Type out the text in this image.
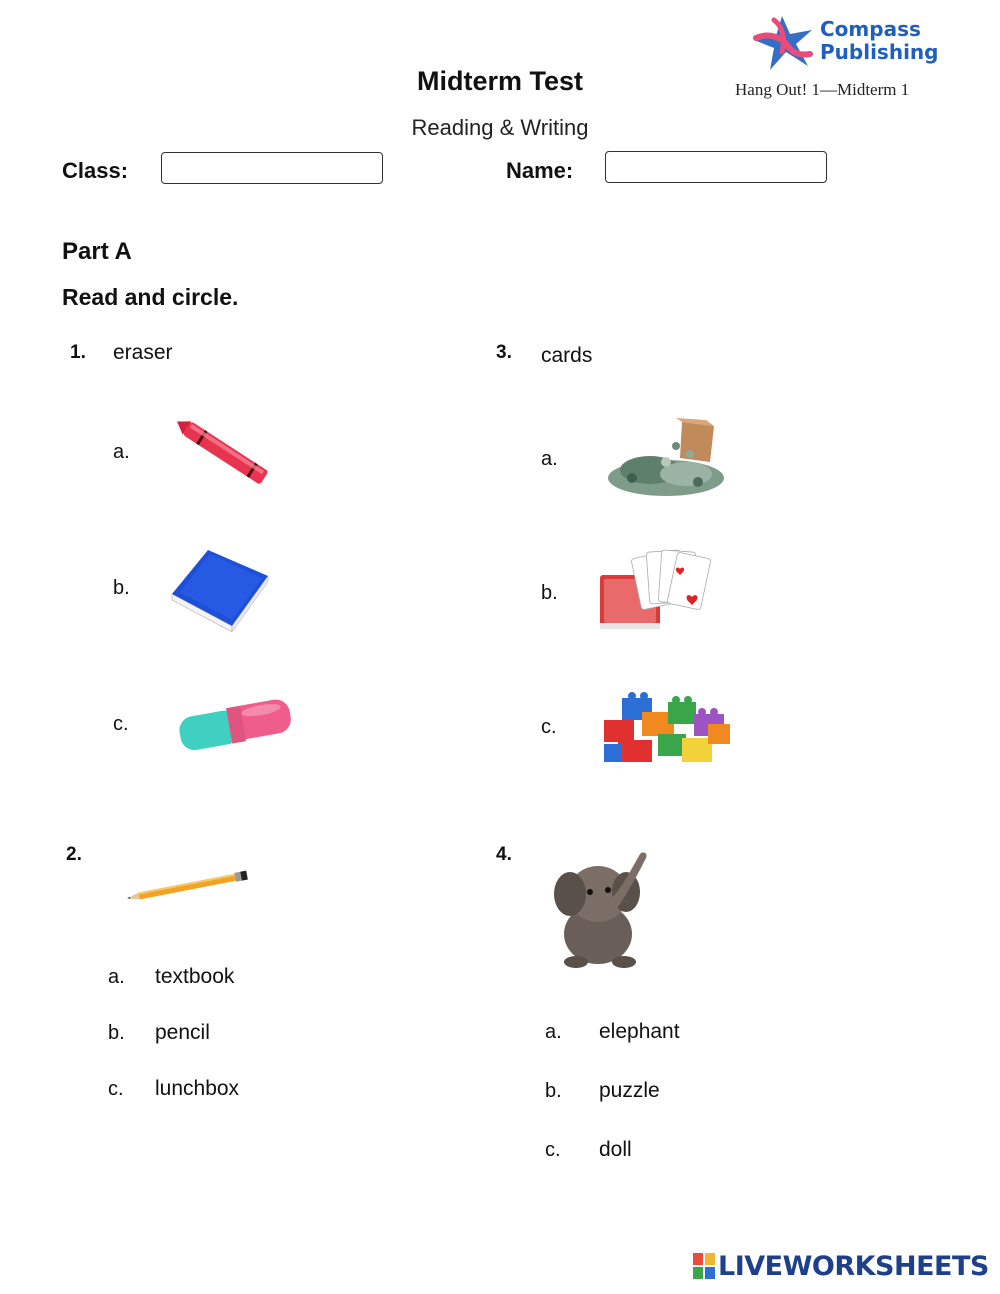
Compass
Publishing
Hang Out! 1—Midterm 1
Midterm Test
Reading & Writing
Class:	Name:
Part A
Read and circle.
1. eraser
a.
b.
c.
2.
a. textbook
b. pencil
c. lunchbox
3. cards
a.
b.
c.
4.
a. elephant
b. puzzle
c. doll
LIVEWORKSHEETS
